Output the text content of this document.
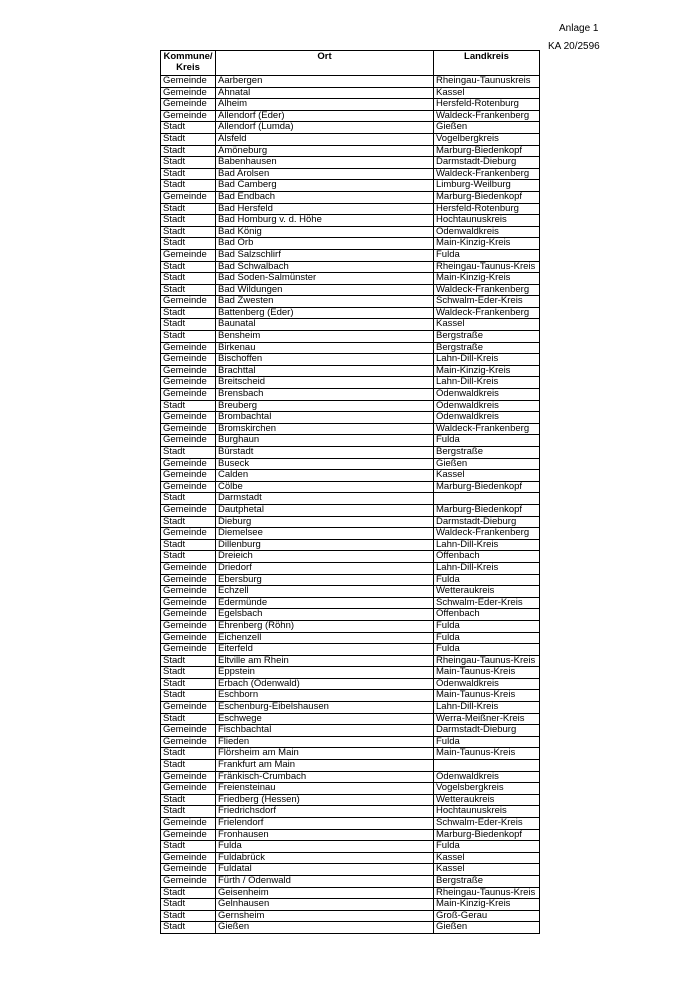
Anlage 1
KA 20/2596
Kommune/ Kreis	Ort	Landkreis
Gemeinde	Aarbergen	Rheingau-Taunuskreis
Gemeinde	Ahnatal	Kassel
Gemeinde	Alheim	Hersfeld-Rotenburg
Gemeinde	Allendorf (Eder)	Waldeck-Frankenberg
Stadt	Allendorf (Lumda)	Gießen
Stadt	Alsfeld	Vogelbergkreis
Stadt	Amöneburg	Marburg-Biedenkopf
Stadt	Babenhausen	Darmstadt-Dieburg
Stadt	Bad Arolsen	Waldeck-Frankenberg
Stadt	Bad Camberg	Limburg-Weilburg
Gemeinde	Bad Endbach	Marburg-Biedenkopf
Stadt	Bad Hersfeld	Hersfeld-Rotenburg
Stadt	Bad Homburg v. d. Höhe	Hochtaunuskreis
Stadt	Bad König	Odenwaldkreis
Stadt	Bad Orb	Main-Kinzig-Kreis
Gemeinde	Bad Salzschlirf	Fulda
Stadt	Bad Schwalbach	Rheingau-Taunus-Kreis
Stadt	Bad Soden-Salmünster	Main-Kinzig-Kreis
Stadt	Bad Wildungen	Waldeck-Frankenberg
Gemeinde	Bad Zwesten	Schwalm-Eder-Kreis
Stadt	Battenberg (Eder)	Waldeck-Frankenberg
Stadt	Baunatal	Kassel
Stadt	Bensheim	Bergstraße
Gemeinde	Birkenau	Bergstraße
Gemeinde	Bischoffen	Lahn-Dill-Kreis
Gemeinde	Brachttal	Main-Kinzig-Kreis
Gemeinde	Breitscheid	Lahn-Dill-Kreis
Gemeinde	Brensbach	Odenwaldkreis
Stadt	Breuberg	Odenwaldkreis
Gemeinde	Brombachtal	Odenwaldkreis
Gemeinde	Bromskirchen	Waldeck-Frankenberg
Gemeinde	Burghaun	Fulda
Stadt	Bürstadt	Bergstraße
Gemeinde	Buseck	Gießen
Gemeinde	Calden	Kassel
Gemeinde	Cölbe	Marburg-Biedenkopf
Stadt	Darmstadt	
Gemeinde	Dautphetal	Marburg-Biedenkopf
Stadt	Dieburg	Darmstadt-Dieburg
Gemeinde	Diemelsee	Waldeck-Frankenberg
Stadt	Dillenburg	Lahn-Dill-Kreis
Stadt	Dreieich	Offenbach
Gemeinde	Driedorf	Lahn-Dill-Kreis
Gemeinde	Ebersburg	Fulda
Gemeinde	Echzell	Wetteraukreis
Gemeinde	Edermünde	Schwalm-Eder-Kreis
Gemeinde	Egelsbach	Offenbach
Gemeinde	Ehrenberg (Röhn)	Fulda
Gemeinde	Eichenzell	Fulda
Gemeinde	Eiterfeld	Fulda
Stadt	Eltville am Rhein	Rheingau-Taunus-Kreis
Stadt	Eppstein	Main-Taunus-Kreis
Stadt	Erbach (Odenwald)	Odenwaldkreis
Stadt	Eschborn	Main-Taunus-Kreis
Gemeinde	Eschenburg-Eibelshausen	Lahn-Dill-Kreis
Stadt	Eschwege	Werra-Meißner-Kreis
Gemeinde	Fischbachtal	Darmstadt-Dieburg
Gemeinde	Flieden	Fulda
Stadt	Flörsheim am Main	Main-Taunus-Kreis
Stadt	Frankfurt am Main	
Gemeinde	Fränkisch-Crumbach	Odenwaldkreis
Gemeinde	Freiensteinau	Vogelsbergkreis
Stadt	Friedberg (Hessen)	Wetteraukreis
Stadt	Friedrichsdorf	Hochtaunuskreis
Gemeinde	Frielendorf	Schwalm-Eder-Kreis
Gemeinde	Fronhausen	Marburg-Biedenkopf
Stadt	Fulda	Fulda
Gemeinde	Fuldabrück	Kassel
Gemeinde	Fuldatal	Kassel
Gemeinde	Fürth / Odenwald	Bergstraße
Stadt	Geisenheim	Rheingau-Taunus-Kreis
Stadt	Gelnhausen	Main-Kinzig-Kreis
Stadt	Gernsheim	Groß-Gerau
Stadt	Gießen	Gießen
